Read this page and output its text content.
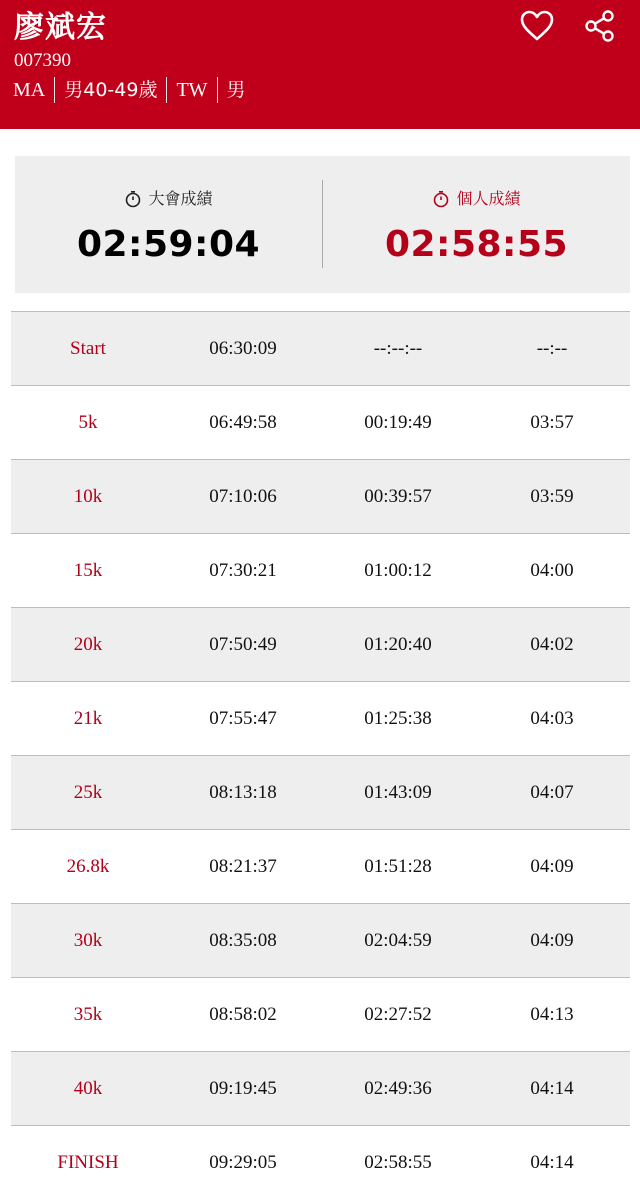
廖斌宏
007390
MA	男40-49歲 TW	男
大會成績
02:59:04
個人成績
02:58:55
Start	06:30:09	--:--:--	--:--
5k	06:49:58	00:19:49	03:57
10k	07:10:06	00:39:57	03:59
15k	07:30:21	01:00:12	04:00
20k	07:50:49	01:20:40	04:02
21k	07:55:47	01:25:38	04:03
25k	08:13:18	01:43:09	04:07
26.8k	08:21:37	01:51:28	04:09
30k	08:35:08	02:04:59	04:09
35k	08:58:02	02:27:52	04:13
40k	09:19:45	02:49:36	04:14
FINISH	09:29:05	02:58:55	04:14
